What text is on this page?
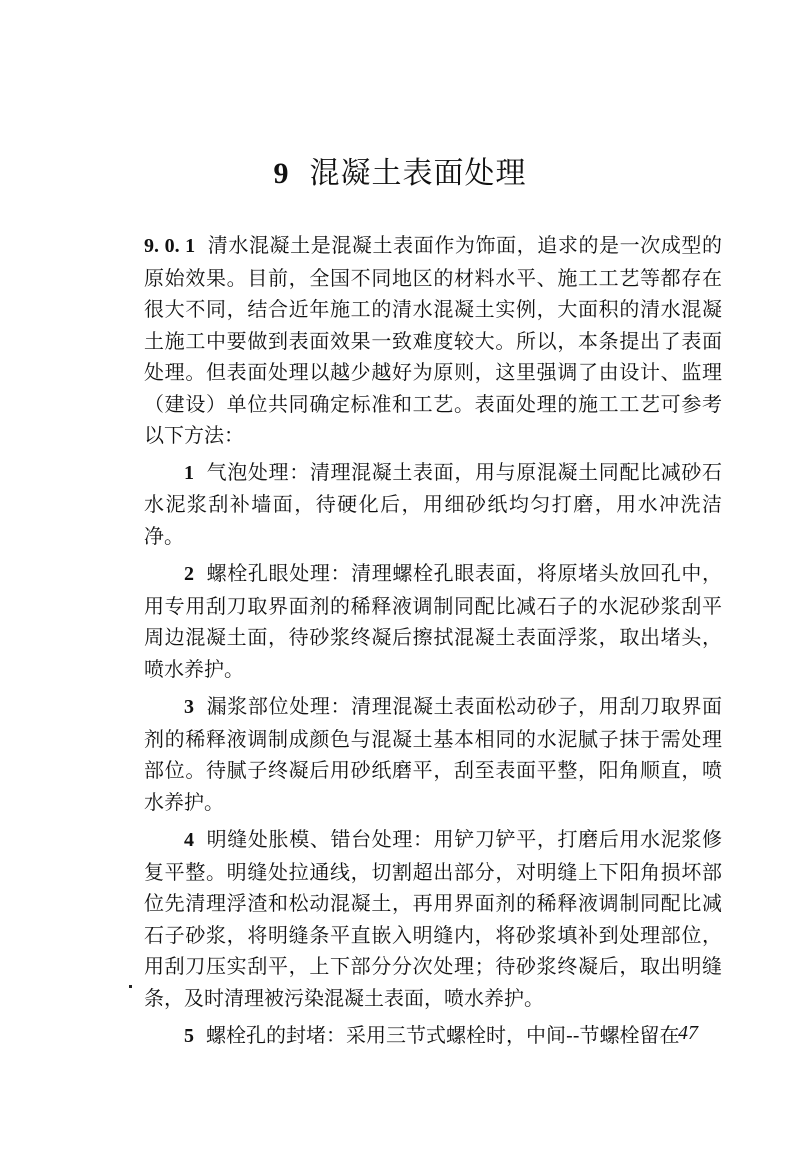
9 混凝土表面处理

9. 0. 1 清水混凝土是混凝土表面作为饰面，追求的是一次成型的原始效果。目前，全国不同地区的材料水平、施工工艺等都存在很大不同，结合近年施工的清水混凝土实例，大面积的清水混凝土施工中要做到表面效果一致难度较大。所以，本条提出了表面处理。但表面处理以越少越好为原则，这里强调了由设计、监理（建设）单位共同确定标准和工艺。表面处理的施工工艺可参考以下方法：

1 气泡处理：清理混凝土表面，用与原混凝土同配比减砂石水泥浆刮补墙面，待硬化后，用细砂纸均匀打磨，用水冲洗洁净。

2 螺栓孔眼处理：清理螺栓孔眼表面，将原堵头放回孔中，用专用刮刀取界面剂的稀释液调制同配比减石子的水泥砂浆刮平周边混凝土面，待砂浆终凝后擦拭混凝土表面浮浆，取出堵头，喷水养护。

3 漏浆部位处理：清理混凝土表面松动砂子，用刮刀取界面剂的稀释液调制成颜色与混凝土基本相同的水泥腻子抹于需处理部位。待腻子终凝后用砂纸磨平，刮至表面平整，阳角顺直，喷水养护。

4 明缝处胀模、错台处理：用铲刀铲平，打磨后用水泥浆修复平整。明缝处拉通线，切割超出部分，对明缝上下阳角损坏部位先清理浮渣和松动混凝土，再用界面剂的稀释液调制同配比减石子砂浆，将明缝条平直嵌入明缝内，将砂浆填补到处理部位，用刮刀压实刮平，上下部分分次处理；待砂浆终凝后，取出明缝条，及时清理被污染混凝土表面，喷水养护。

5 螺栓孔的封堵：采用三节式螺栓时，中间--节螺栓留在

47
